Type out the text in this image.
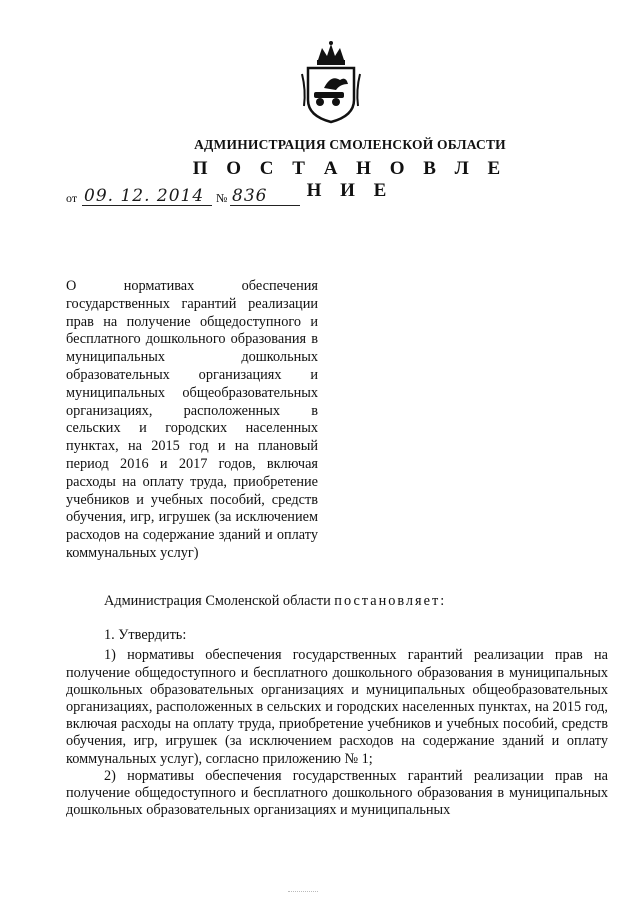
АДМИНИСТРАЦИЯ СМОЛЕНСКОЙ ОБЛАСТИ
П О С Т А Н О В Л Е Н И Е
от 09. 12. 2014 № 836
О нормативах обеспечения государственных гарантий реализации прав на получение общедоступного и бесплатного дошкольного образования в муниципальных дошкольных образовательных организациях и муниципальных общеобразовательных организациях, расположенных в сельских и городских населенных пунктах, на 2015 год и на плановый период 2016 и 2017 годов, включая расходы на оплату труда, приобретение учебников и учебных пособий, средств обучения, игр, игрушек (за исключением расходов на содержание зданий и оплату коммунальных услуг)

Администрация Смоленской области постановляет:

1. Утвердить:

1) нормативы обеспечения государственных гарантий реализации прав на получение общедоступного и бесплатного дошкольного образования в муниципальных дошкольных образовательных организациях и муниципальных общеобразовательных организациях, расположенных в сельских и городских населенных пунктах, на 2015 год, включая расходы на оплату труда, приобретение учебников и учебных пособий, средств обучения, игр, игрушек (за исключением расходов на содержание зданий и оплату коммунальных услуг), согласно приложению № 1;

2) нормативы обеспечения государственных гарантий реализации прав на получение общедоступного и бесплатного дошкольного образования в муниципальных дошкольных образовательных организациях и муниципальных
